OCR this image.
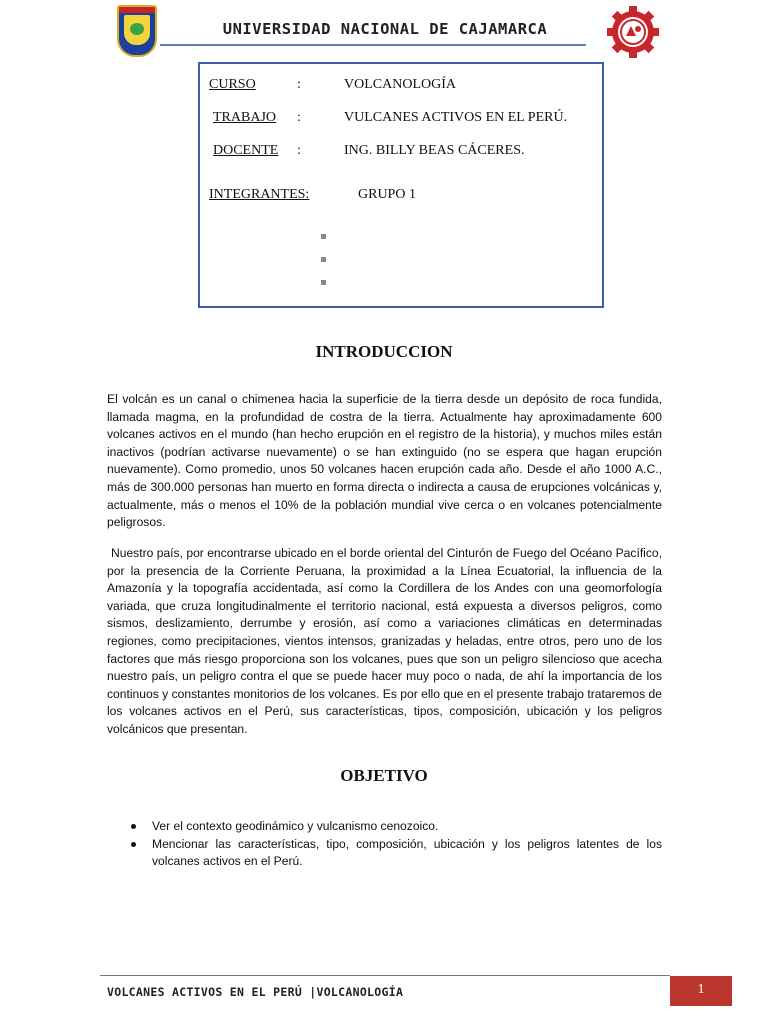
UNIVERSIDAD NACIONAL DE CAJAMARCA
CURSO	:	VOLCANOLOGÍA
TRABAJO :	VULCANES ACTIVOS EN EL PERÚ.
DOCENTE :	ING. BILLY BEAS CÁCERES.
INTEGRANTES:	GRUPO 1
INTRODUCCION

El volcán es un canal o chimenea hacia la superficie de la tierra desde un depósito de roca fundida, llamada magma, en la profundidad de costra de la tierra. Actualmente hay aproximadamente 600 volcanes activos en el mundo (han hecho erupción en el registro de la historia), y muchos miles están inactivos (podrían activarse nuevamente) o se han extinguido (no se espera que hagan erupción nuevamente). Como promedio, unos 50 volcanes hacen erupción cada año. Desde el año 1000 A.C., más de 300.000 personas han muerto en forma directa o indirecta a causa de erupciones volcánicas y, actualmente, más o menos el 10% de la población mundial vive cerca o en volcanes potencialmente peligrosos.

Nuestro país, por encontrarse ubicado en el borde oriental del Cinturón de Fuego del Océano Pacífico, por la presencia de la Corriente Peruana, la proximidad a la Línea Ecuatorial, la influencia de la Amazonía y la topografía accidentada, así como la Cordillera de los Andes con una geomorfología variada, que cruza longitudinalmente el territorio nacional, está expuesta a diversos peligros, como sismos, deslizamiento, derrumbe y erosión, así como a variaciones climáticas en determinadas regiones, como precipitaciones, vientos intensos, granizadas y heladas, entre otros, pero uno de los factores que más riesgo proporciona son los volcanes, pues que son un peligro silencioso que acecha nuestro país, un peligro contra el que se puede hacer muy poco o nada, de ahí la importancia de los continuos y constantes monitorios de los volcanes. Es por ello que en el presente trabajo trataremos de los volcanes activos en el Perú, sus características, tipos, composición, ubicación y los peligros volcánicos que presentan.

OBJETIVO
Ver el contexto geodinámico y vulcanismo cenozoico.
Mencionar las características, tipo, composición, ubicación y los peligros latentes de los volcanes activos en el Perú.
VOLCANES ACTIVOS EN EL PERÚ |VOLCANOLOGÍA	1
